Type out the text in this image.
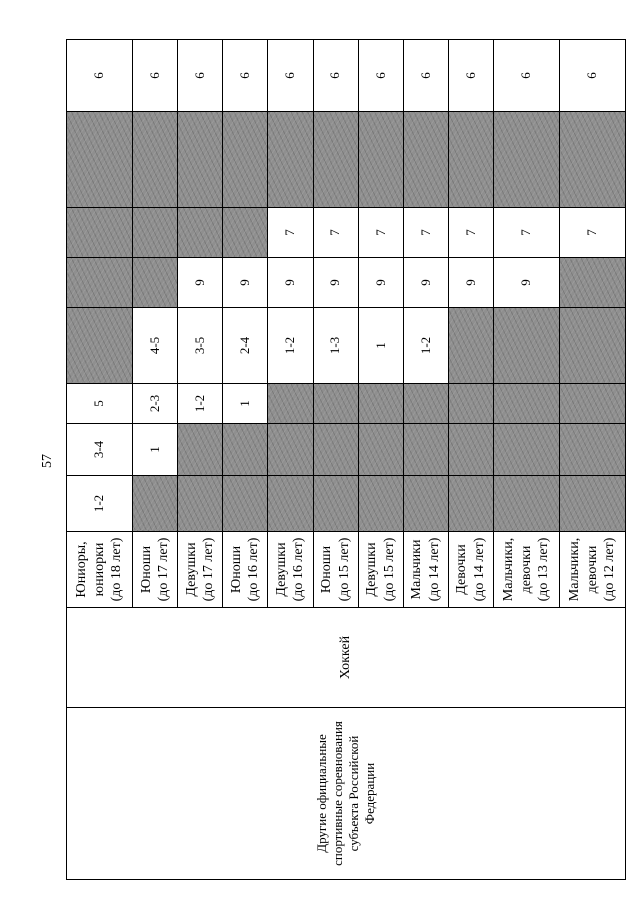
57
Другие официальные спортивные соревнования субъекта Российской Федерации	Хоккей	Юниоры, юниорки (до 18 лет)	1-2	3-4	5					6
		Юноши (до 17 лет)		1	2-3	4-5				6
		Девушки (до 17 лет)			1-2	3-5	9			6
		Юноши (до 16 лет)			1	2-4	9			6
		Девушки (до 16 лет)				1-2	9	7		6
		Юноши (до 15 лет)				1-3	9	7		6
		Девушки (до 15 лет)				1	9	7		6
		Мальчики (до 14 лет)				1-2	9	7		6
		Девочки (до 14 лет)					9	7		6
		Мальчики, девочки (до 13 лет)					9	7		6
		Мальчики, девочки (до 12 лет)						7		6
